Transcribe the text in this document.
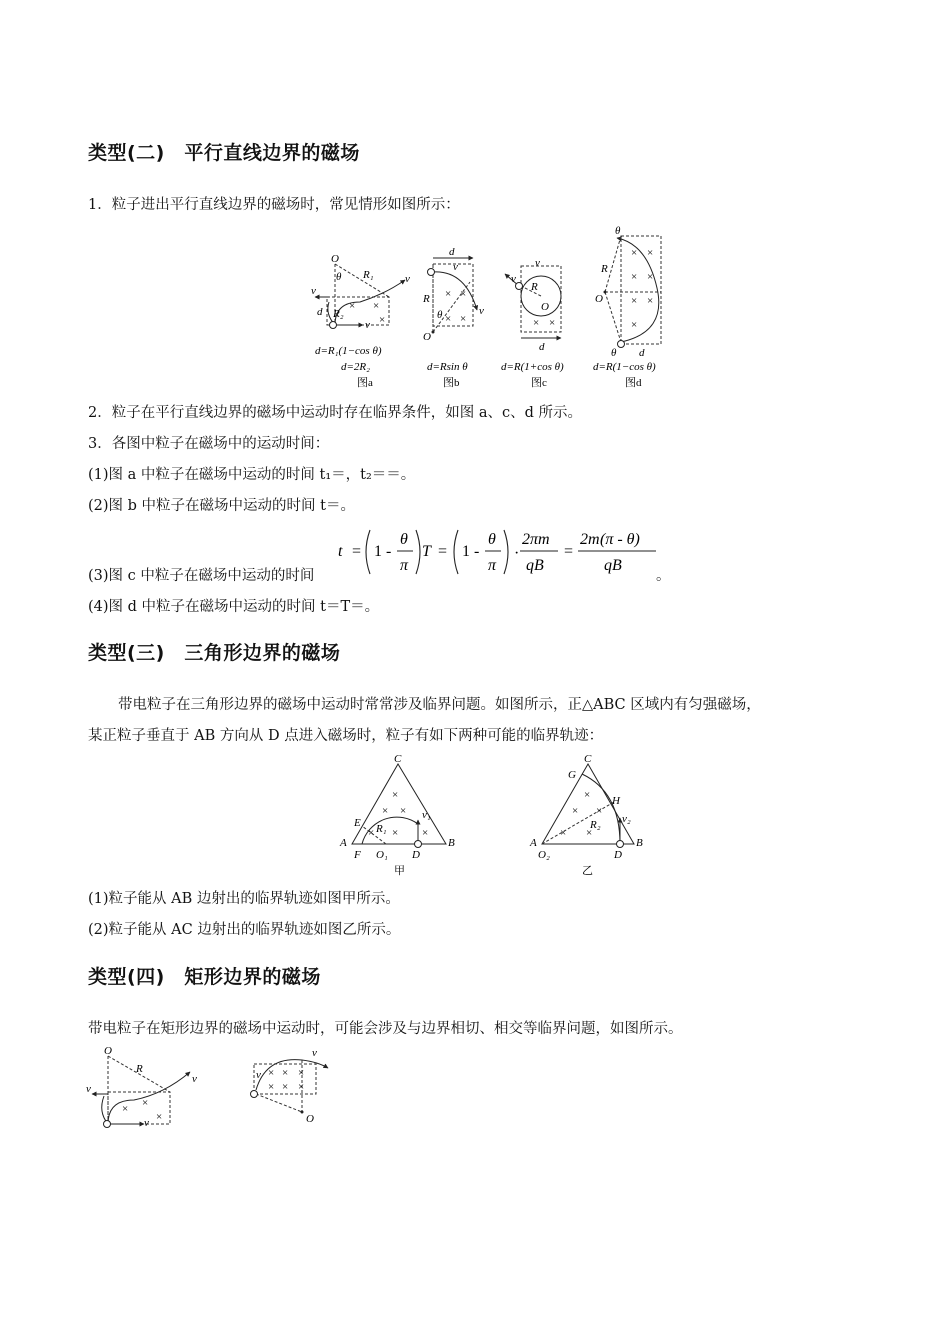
类型(二)　平行直线边界的磁场
1．粒子进出平行直线边界的磁场时，常见情形如图所示：
O
R₁
θ	v
v
d R₂
v
× ×
×
d=R₁(1−cos θ)
d=2R₂
图a
d
v
R
v
θ
O
× ×
× ×
d=Rsin θ
图b
v
v
R
O
d
× ×
d=R(1+cos θ)
图c
θ
R
O
θ d
× ×
× ×
× ×
×
d=R(1−cos θ)
图d
2．粒子在平行直线边界的磁场中运动时存在临界条件，如图 a、c、d 所示。
3．各图中粒子在磁场中的运动时间：
(1)图 a 中粒子在磁场中运动的时间 t₁＝，t₂＝＝。
(2)图 b 中粒子在磁场中运动的时间 t＝。
(3)图 c 中粒子在磁场中运动的时间
t = 1 -
θ
π
T = 1 -
θ
π
·
2πm
qB
=
2m (π - θ)
qB
。
(4)图 d 中粒子在磁场中运动的时间 t＝T＝。
类型(三)　三角形边界的磁场
带电粒子在三角形边界的磁场中运动时常常涉及临界问题。如图所示，正△ABC 区域内有匀强磁场，
某正粒子垂直于 AB 方向从 D 点进入磁场时，粒子有如下两种可能的临界轨迹：
C
A	B
E
F O₁ D
R₁
v₁
×
× ×
× × ×
甲
C
G
H
A	B
O₂	D
R₂ v₂
×
× ×
× ×
乙
(1)粒子能从 AB 边射出的临界轨迹如图甲所示。
(2)粒子能从 AC 边射出的临界轨迹如图乙所示。
类型(四)　矩形边界的磁场
带电粒子在矩形边界的磁场中运动时，可能会涉及与边界相切、相交等临界问题，如图所示。
O
R
v
v
v
× ×
×
v
v
O
× × ×
× × ×
